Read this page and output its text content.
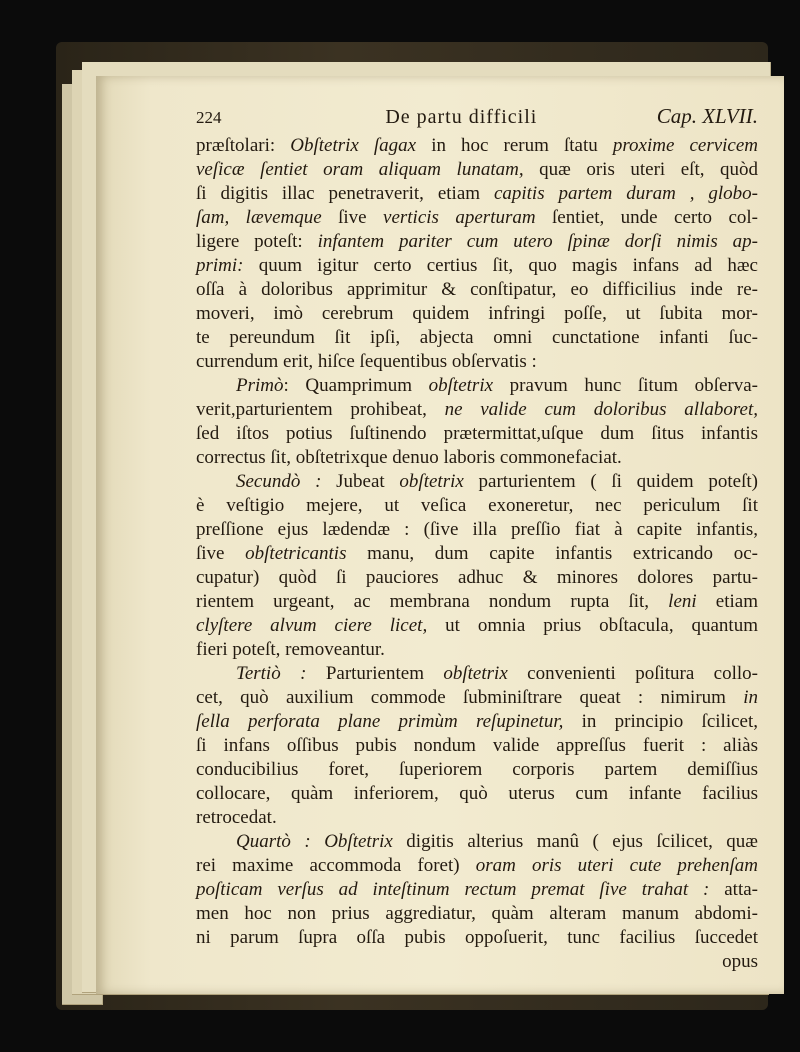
224	De partu difficili	Cap. XLVII.
præſtolari: Obſtetrix ſagax in hoc rerum ſtatu proxime cervicem
veſicæ ſentiet oram aliquam lunatam, quæ oris uteri eſt, quòd
ſi digitis illac penetraverit, etiam capitis partem duram , globo-
ſam, lævemque ſive verticis aperturam ſentiet, unde certo col-
ligere poteſt: infantem pariter cum utero ſpinæ dorſi nimis ap-
primi: quum igitur certo certius ſit, quo magis infans ad hæc
oſſa à doloribus apprimitur & conſtipatur, eo difficilius inde re-
moveri, imò cerebrum quidem infringi poſſe, ut ſubita mor-
te pereundum ſit ipſi, abjecta omni cunctatione infanti ſuc-
currendum erit, hiſce ſequentibus obſervatis :
Primò: Quamprimum obſtetrix pravum hunc ſitum obſerva-
verit,parturientem prohibeat, ne valide cum doloribus allaboret,
ſed iſtos potius ſuſtinendo prætermittat,uſque dum ſitus infantis
correctus ſit, obſtetrixque denuo laboris commonefaciat.
Secundò : Jubeat obſtetrix parturientem ( ſi quidem poteſt)
è veſtigio mejere, ut veſica exoneretur, nec periculum ſit
preſſione ejus lædendæ : (ſive illa preſſio fiat à capite infantis,
ſive obſtetricantis manu, dum capite infantis extricando oc-
cupatur) quòd ſi pauciores adhuc & minores dolores partu-
rientem urgeant, ac membrana nondum rupta ſit, leni etiam
clyſtere alvum ciere licet, ut omnia prius obſtacula, quantum
fieri poteſt, removeantur.
Tertiò : Parturientem obſtetrix convenienti poſitura collo-
cet, quò auxilium commode ſubminiſtrare queat : nimirum in
ſella perforata plane primùm reſupinetur, in principio ſcilicet,
ſi infans oſſibus pubis nondum valide appreſſus fuerit : aliàs
conducibilius foret, ſuperiorem corporis partem demiſſius
collocare, quàm inferiorem, quò uterus cum infante facilius
retrocedat.
Quartò : Obſtetrix digitis alterius manû ( ejus ſcilicet, quæ
rei maxime accommoda foret) oram oris uteri cute prehenſam
poſticam verſus ad inteſtinum rectum premat ſive trahat : atta-
men hoc non prius aggrediatur, quàm alteram manum abdomi-
ni parum ſupra oſſa pubis oppoſuerit, tunc facilius ſuccedet
opus
